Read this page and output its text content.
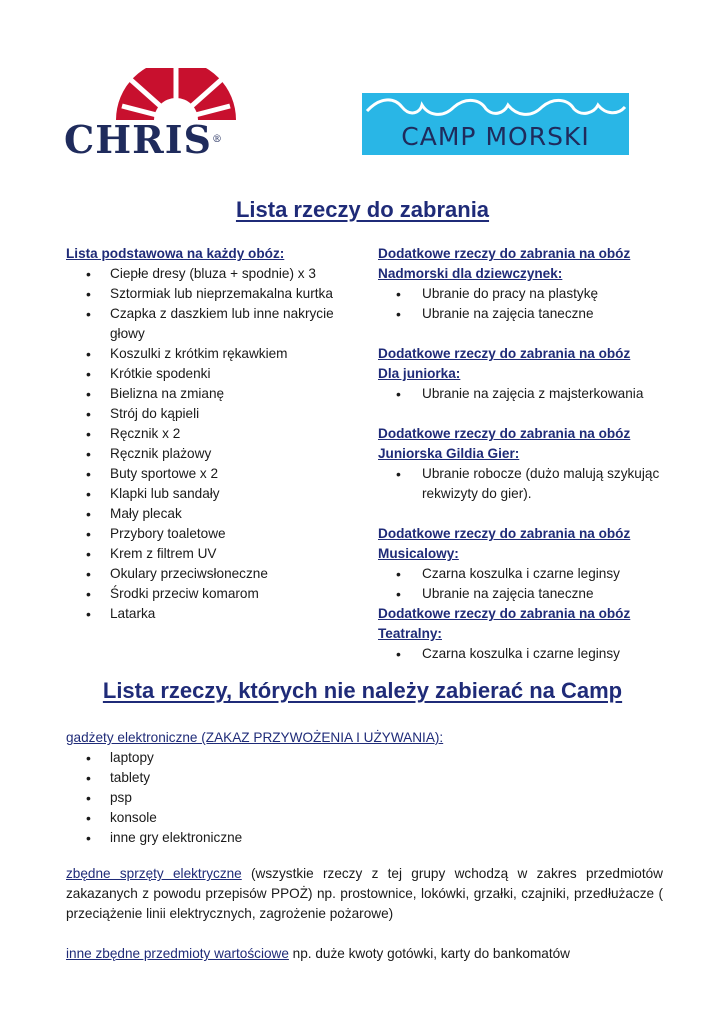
CHRIS®	CAMP MORSKI
Lista rzeczy do zabrania
Lista podstawowa na każdy obóz:
• Ciepłe dresy (bluza + spodnie) x 3
• Sztormiak lub nieprzemakalna kurtka
• Czapka z daszkiem lub inne nakrycie głowy
• Koszulki z krótkim rękawkiem
• Krótkie spodenki
• Bielizna na zmianę
• Strój do kąpieli
• Ręcznik x 2
• Ręcznik plażowy
• Buty sportowe x 2
• Klapki lub sandały
• Mały plecak
• Przybory toaletowe
• Krem z filtrem UV
• Okulary przeciwsłoneczne
• Środki przeciw komarom
• Latarka
Dodatkowe rzeczy do zabrania na obóz
Nadmorski dla dziewczynek:
• Ubranie do pracy na plastykę
• Ubranie na zajęcia taneczne
Dodatkowe rzeczy do zabrania na obóz
Dla juniorka:
• Ubranie na zajęcia z majsterkowania
Dodatkowe rzeczy do zabrania na obóz
Juniorska Gildia Gier:
• Ubranie robocze (dużo malują szykując rekwizyty do gier).
Dodatkowe rzeczy do zabrania na obóz
Musicalowy:
• Czarna koszulka i czarne leginsy
• Ubranie na zajęcia taneczne
Dodatkowe rzeczy do zabrania na obóz
Teatralny:
• Czarna koszulka i czarne leginsy
Lista rzeczy, których nie należy zabierać na Camp
gadżety elektroniczne (ZAKAZ PRZYWOŻENIA I UŻYWANIA):
• laptopy
• tablety
• psp
• konsole
• inne gry elektroniczne
zbędne sprzęty elektryczne (wszystkie rzeczy z tej grupy wchodzą w zakres przedmiotów zakazanych z powodu przepisów PPOŻ) np. prostownice, lokówki, grzałki, czajniki, przedłużacze ( przeciążenie linii elektrycznych, zagrożenie pożarowe)
inne zbędne przedmioty wartościowe np. duże kwoty gotówki, karty do bankomatów
